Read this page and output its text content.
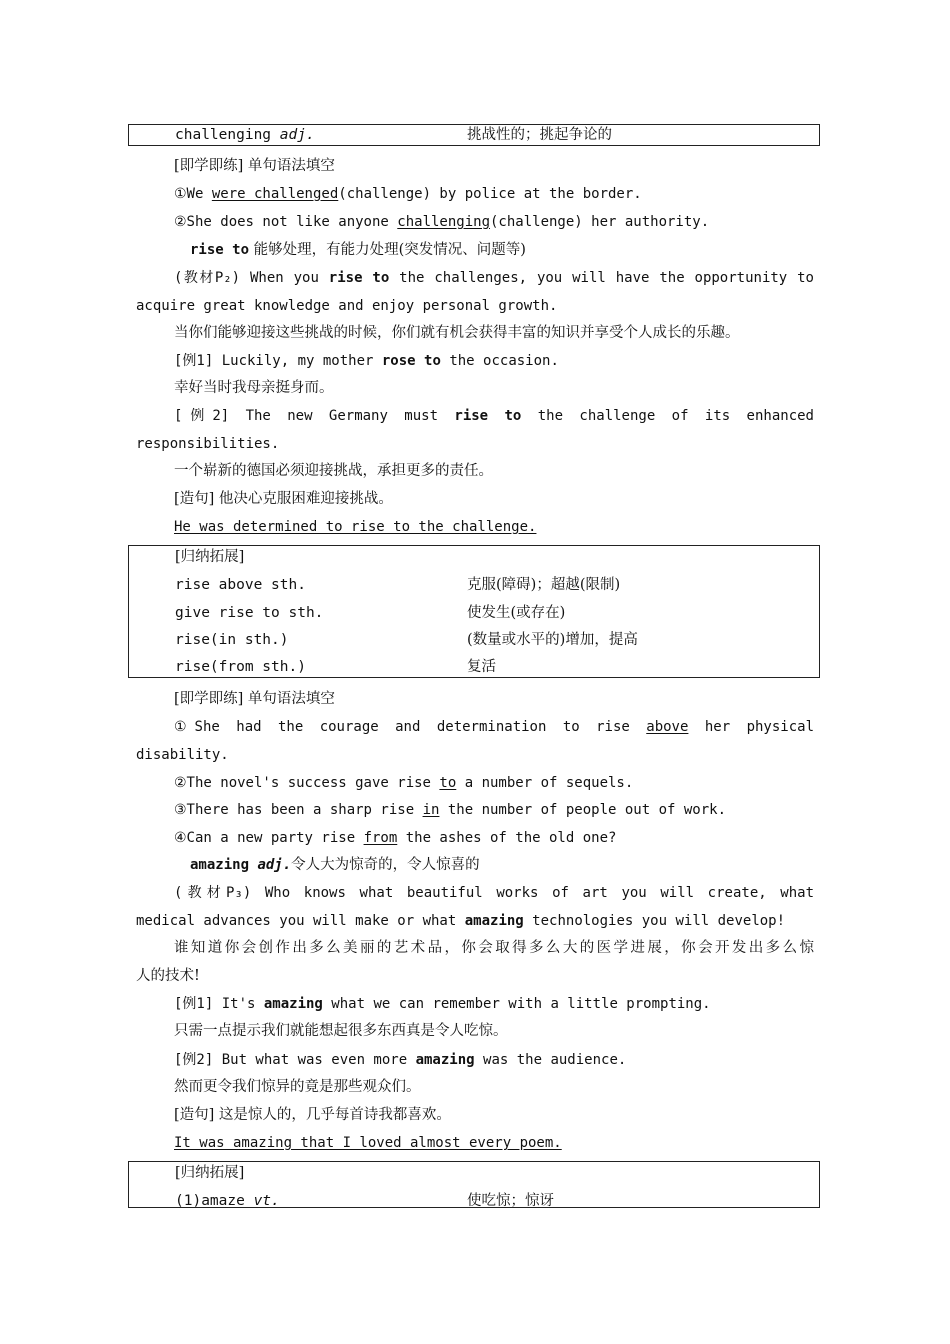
challenging adj.	挑战性的；挑起争论的
[即学即练] 单句语法填空
①We were challenged(challenge) by police at the border.
②She does not like anyone challenging(challenge) her authority.
rise to 能够处理，有能力处理(突发情况、问题等)
(教材P₂) When you rise to the challenges, you will have the opportunity to
acquire great knowledge and enjoy personal growth.
当你们能够迎接这些挑战的时候，你们就有机会获得丰富的知识并享受个人成长的乐趣。
[例1] Luckily, my mother rose to the occasion.
幸好当时我母亲挺身而。
[例2] The new Germany must rise to the challenge of its enhanced
responsibilities.
一个崭新的德国必须迎接挑战，承担更多的责任。
[造句] 他决心克服困难迎接挑战。
He was determined to rise to the challenge.
[归纳拓展]
rise above sth.	克服(障碍)；超越(限制)
give rise to sth.	使发生(或存在)
rise(in sth.)	(数量或水平的)增加，提高
rise(from sth.)	复活
[即学即练] 单句语法填空
①She had the courage and determination to rise above her physical
disability.
②The novel's success gave rise to a number of sequels.
③There has been a sharp rise in the number of people out of work.
④Can a new party rise from the ashes of the old one?
amazing adj.令人大为惊奇的，令人惊喜的
(教材P₃) Who knows what beautiful works of art you will create, what
medical advances you will make or what amazing technologies you will develop!
谁知道你会创作出多么美丽的艺术品，你会取得多么大的医学进展，你会开发出多么惊
人的技术!
[例1] It's amazing what we can remember with a little prompting.
只需一点提示我们就能想起很多东西真是令人吃惊。
[例2] But what was even more amazing was the audience.
然而更令我们惊异的竟是那些观众们。
[造句] 这是惊人的，几乎每首诗我都喜欢。
It was amazing that I loved almost every poem.
[归纳拓展]
(1)amaze vt.	使吃惊；惊讶
